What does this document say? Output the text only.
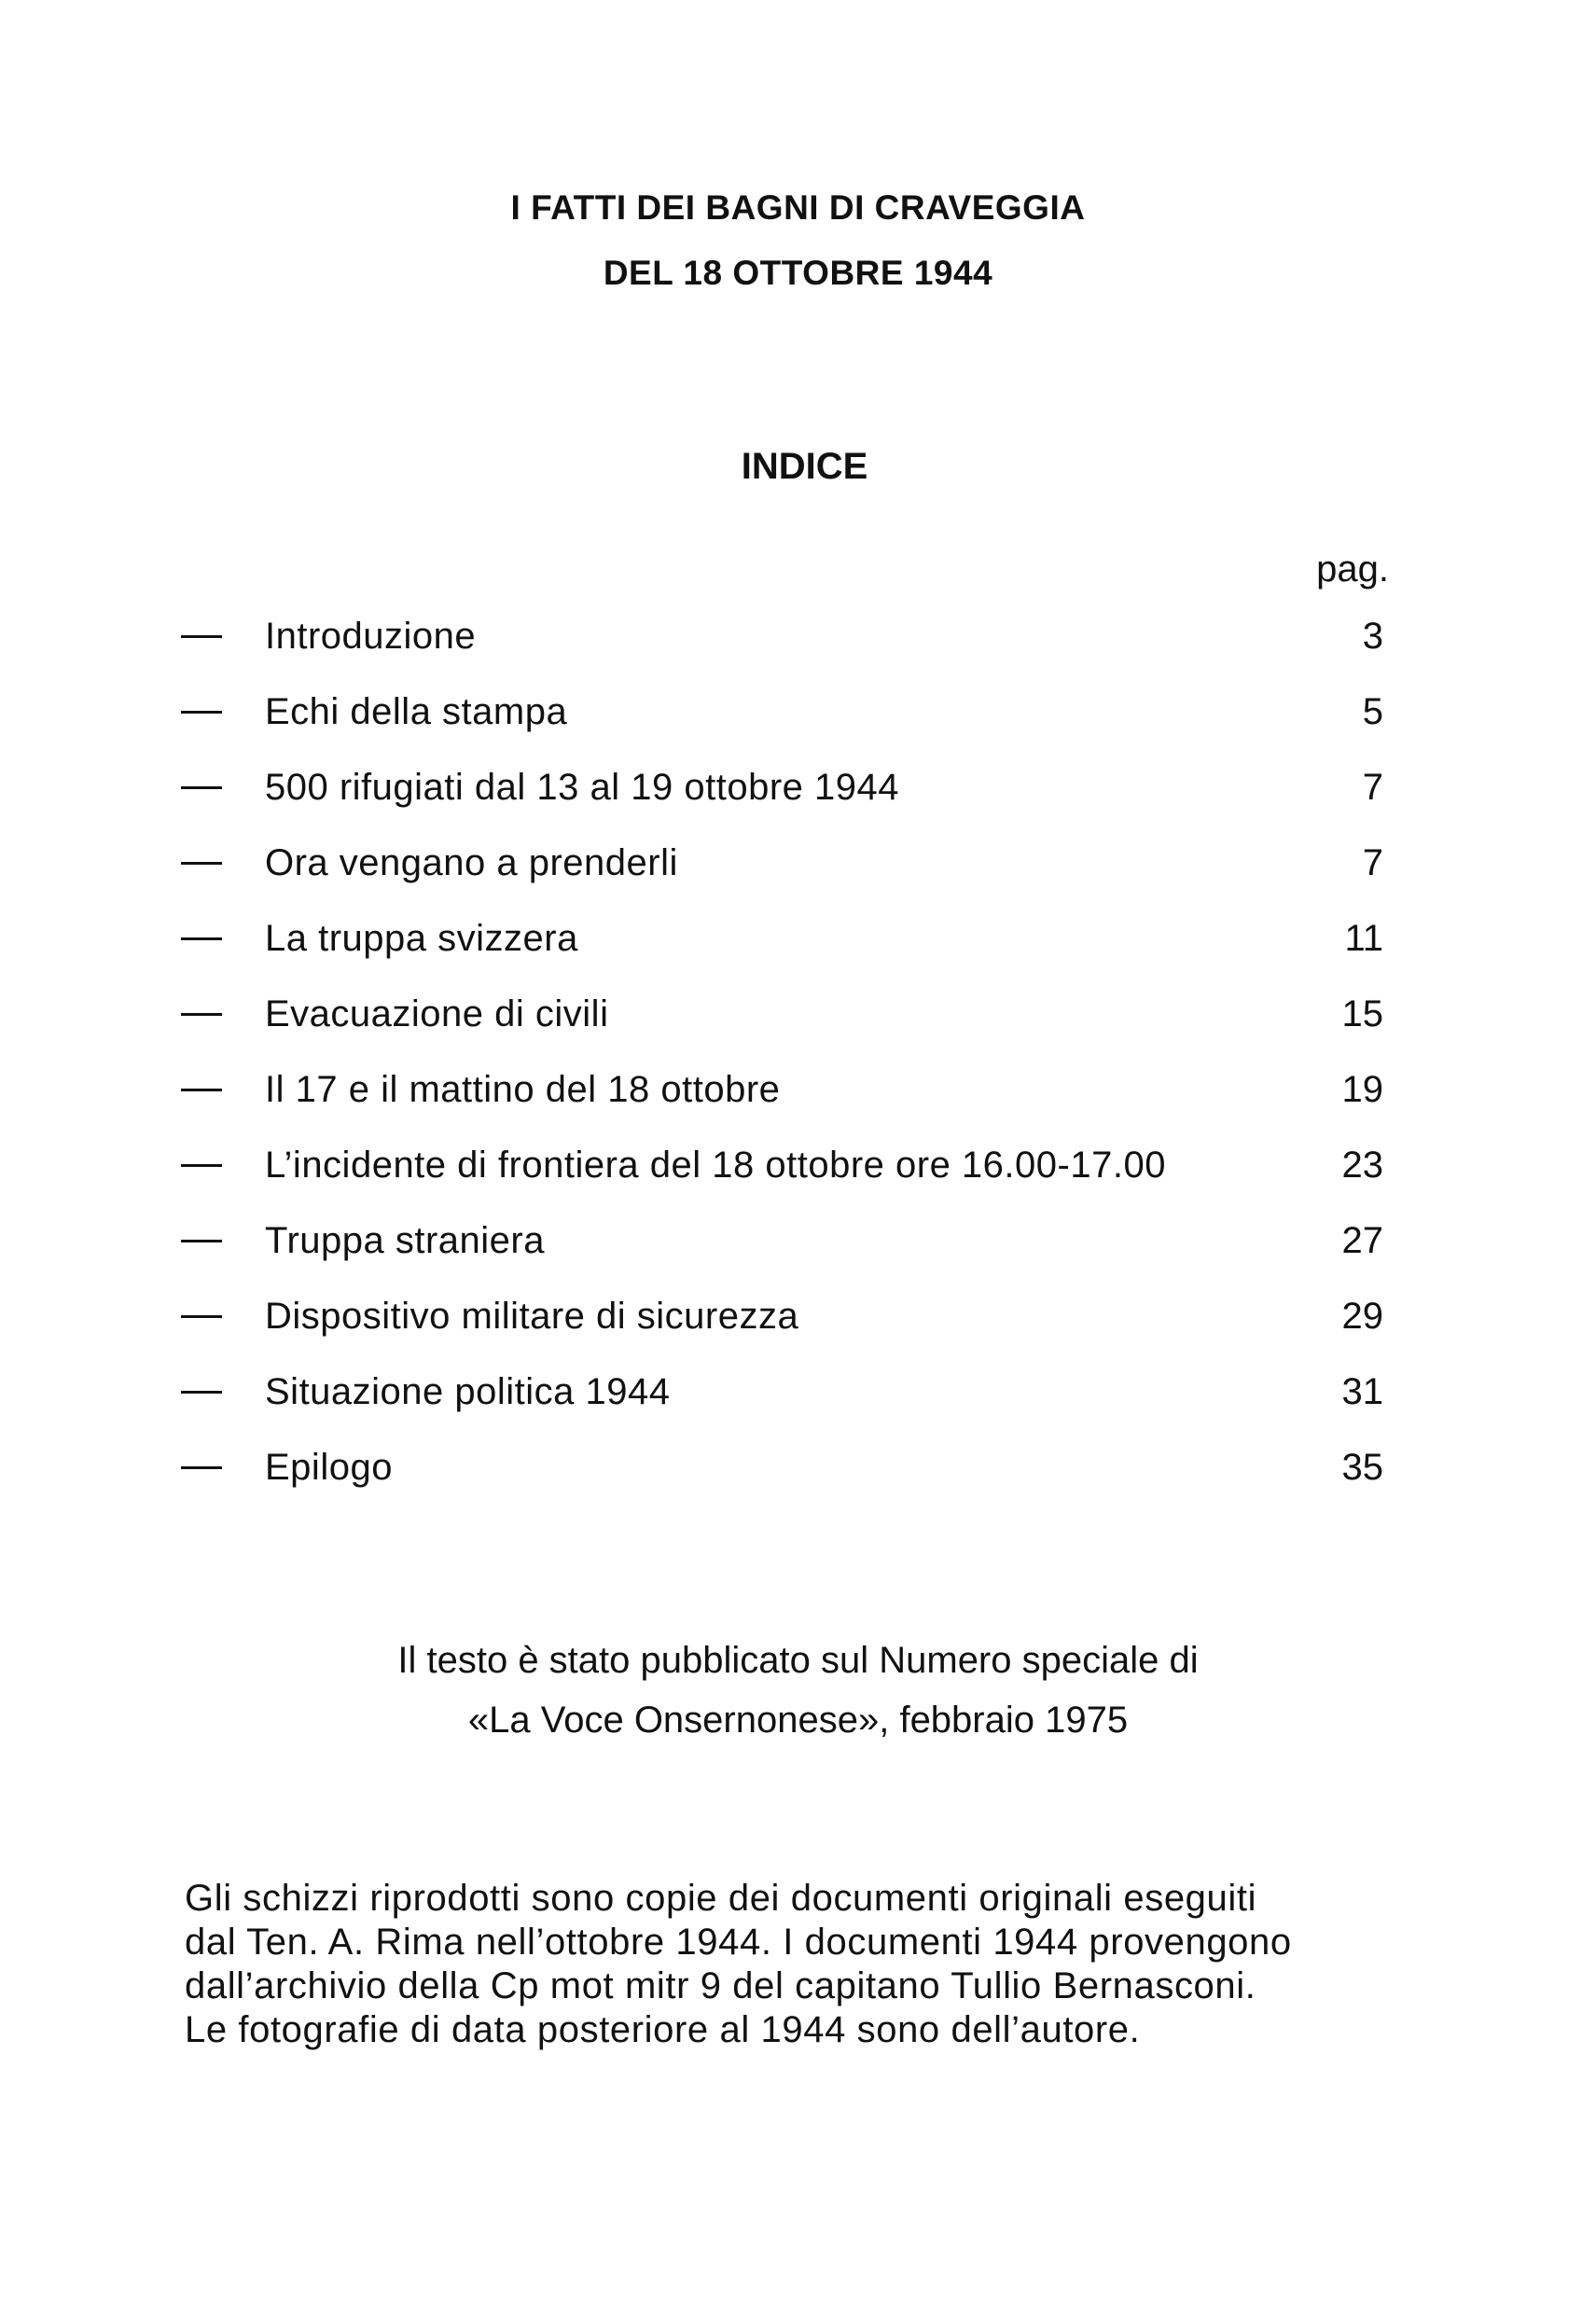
I FATTI DEI BAGNI DI CRAVEGGIA
DEL 18 OTTOBRE 1944
INDICE
pag.
Introduzione	3
Echi della stampa	5
500 rifugiati dal 13 al 19 ottobre 1944	7
Ora vengano a prenderli	7
La truppa svizzera	11
Evacuazione di civili	15
Il 17 e il mattino del 18 ottobre	19
L’incidente di frontiera del 18 ottobre ore 16.00-17.00	23
Truppa straniera	27
Dispositivo militare di sicurezza	29
Situazione politica 1944	31
Epilogo	35
Il testo è stato pubblicato sul Numero speciale di
«La Voce Onsernonese», febbraio 1975
Gli schizzi riprodotti sono copie dei documenti originali eseguiti
dal Ten. A. Rima nell’ottobre 1944. I documenti 1944 provengono
dall’archivio della Cp mot mitr 9 del capitano Tullio Bernasconi.
Le fotografie di data posteriore al 1944 sono dell’autore.
